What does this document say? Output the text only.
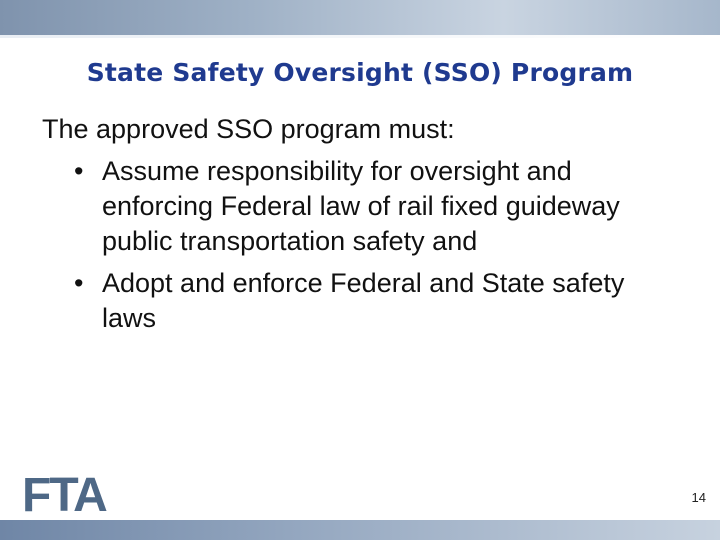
State Safety Oversight (SSO) Program

The approved SSO program must:

• Assume responsibility for oversight and enforcing Federal law of rail fixed guideway public transportation safety and
• Adopt and enforce Federal and State safety laws
FTA
FEDERAL TRANSIT ADMINISTRATION
14
